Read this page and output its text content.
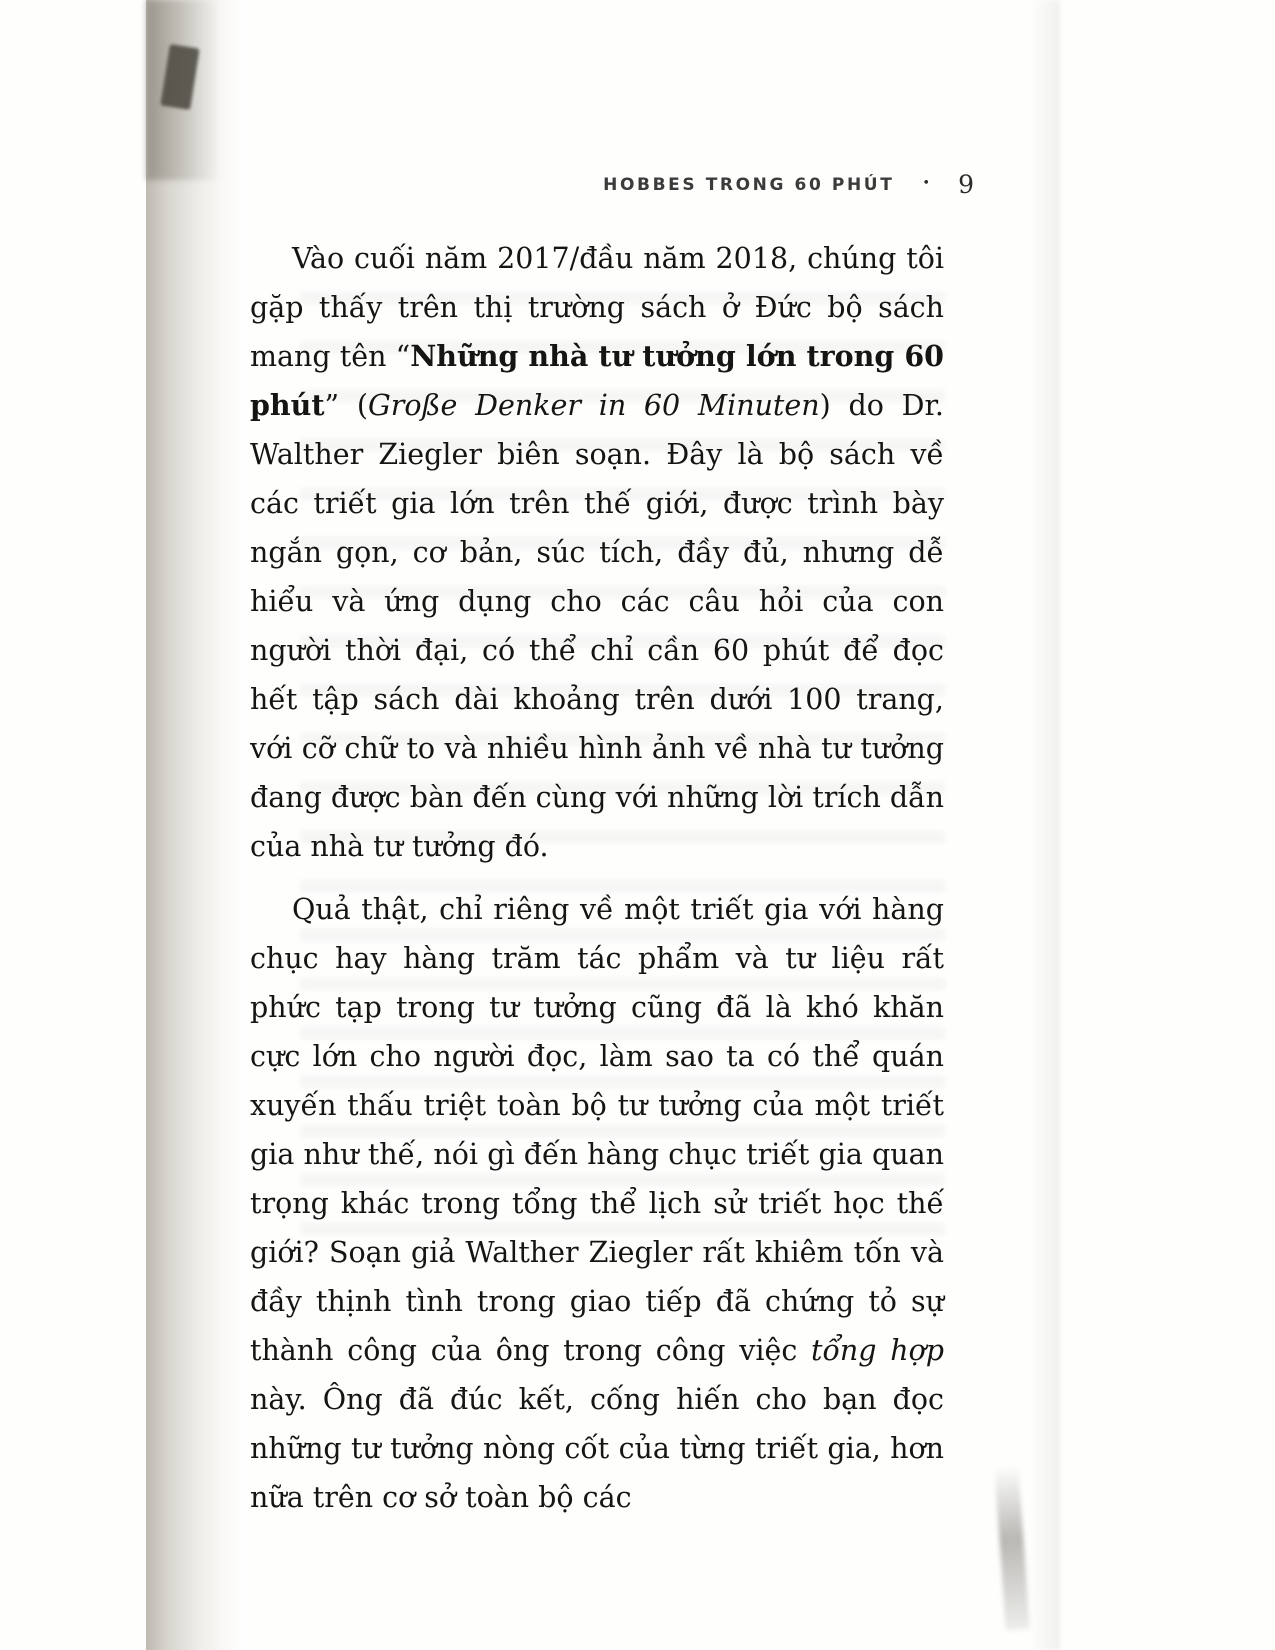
HOBBES TRONG 60 PHÚT • 9

Vào cuối năm 2017/đầu năm 2018, chúng tôi gặp thấy trên thị trường sách ở Đức bộ sách mang tên “Những nhà tư tưởng lớn trong 60 phút” (Große Denker in 60 Minuten) do Dr. Walther Ziegler biên soạn. Đây là bộ sách về các triết gia lớn trên thế giới, được trình bày ngắn gọn, cơ bản, súc tích, đầy đủ, nhưng dễ hiểu và ứng dụng cho các câu hỏi của con người thời đại, có thể chỉ cần 60 phút để đọc hết tập sách dài khoảng trên dưới 100 trang, với cỡ chữ to và nhiều hình ảnh về nhà tư tưởng đang được bàn đến cùng với những lời trích dẫn của nhà tư tưởng đó.

Quả thật, chỉ riêng về một triết gia với hàng chục hay hàng trăm tác phẩm và tư liệu rất phức tạp trong tư tưởng cũng đã là khó khăn cực lớn cho người đọc, làm sao ta có thể quán xuyến thấu triệt toàn bộ tư tưởng của một triết gia như thế, nói gì đến hàng chục triết gia quan trọng khác trong tổng thể lịch sử triết học thế giới? Soạn giả Walther Ziegler rất khiêm tốn và đầy thịnh tình trong giao tiếp đã chứng tỏ sự thành công của ông trong công việc tổng hợp này. Ông đã đúc kết, cống hiến cho bạn đọc những tư tưởng nòng cốt của từng triết gia, hơn nữa trên cơ sở toàn bộ các
